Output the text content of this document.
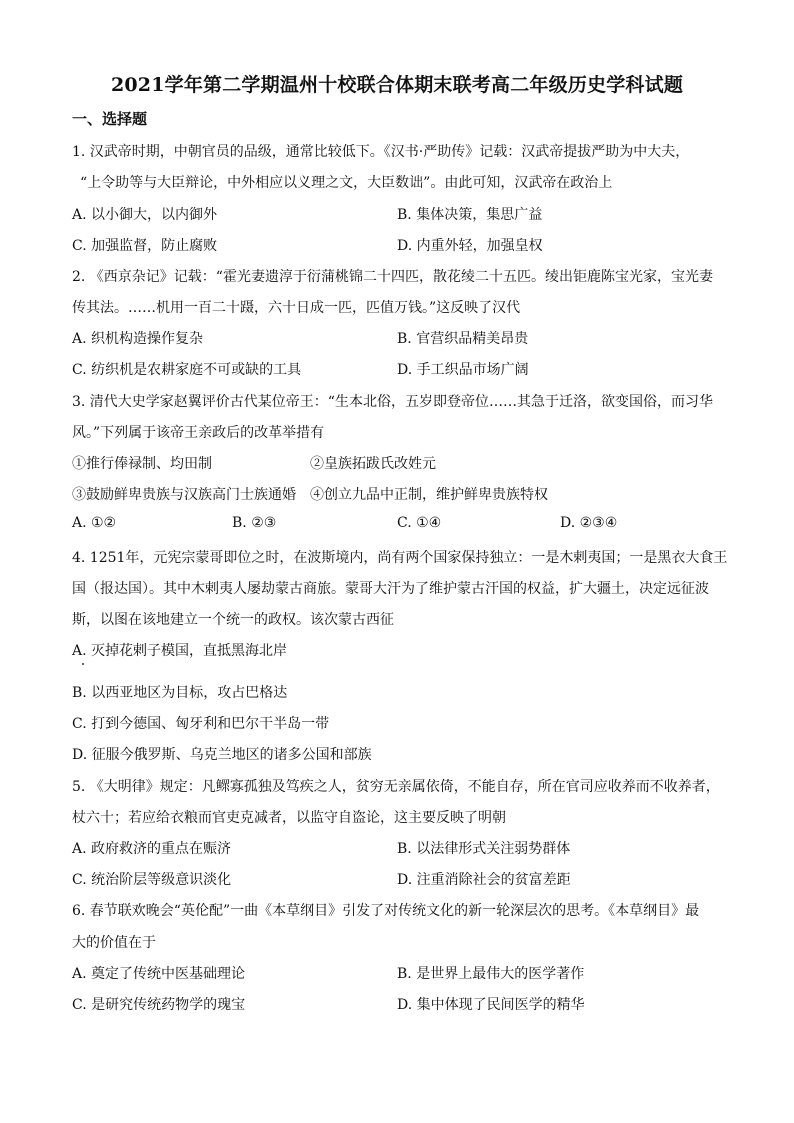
2021学年第二学期温州十校联合体期末联考高二年级历史学科试题
一、选择题
1. 汉武帝时期，中朝官员的品级，通常比较低下。《汉书·严助传》记载：汉武帝提拔严助为中大夫，
“上令助等与大臣辩论，中外相应以义理之文，大臣数诎”。由此可知，汉武帝在政治上
A. 以小御大，以内御外	B. 集体决策，集思广益
C. 加强监督，防止腐败	D. 内重外轻，加强皇权
2. 《西京杂记》记载：“霍光妻遗淳于衍蒲桃锦二十四匹，散花绫二十五匹。绫出钜鹿陈宝光家，宝光妻
传其法。……机用一百二十蹑，六十日成一匹，匹值万钱。”这反映了汉代
A. 织机构造操作复杂	B. 官营织品精美昂贵
C. 纺织机是农耕家庭不可或缺的工具	D. 手工织品市场广阔
3. 清代大史学家赵翼评价古代某位帝王：“生本北俗，五岁即登帝位……其急于迁洛，欲变国俗，而习华
风。”下列属于该帝王亲政后的改革举措有
①推行俸禄制、均田制	②皇族拓跋氏改姓元
③鼓励鲜卑贵族与汉族高门士族通婚 ④创立九品中正制，维护鲜卑贵族特权
A. ①②	B. ②③	C. ①④	D. ②③④
4. 1251年，元宪宗蒙哥即位之时，在波斯境内，尚有两个国家保持独立：一是木剌夷国；一是黑衣大食王
国（报达国）。其中木剌夷人屡劫蒙古商旅。蒙哥大汗为了维护蒙古汗国的权益，扩大疆土，决定远征波
斯，以图在该地建立一个统一的政权。该次蒙古西征
A. 灭掉花剌子模国，直抵黑海北岸
B. 以西亚地区为目标，攻占巴格达
C. 打到今德国、匈牙利和巴尔干半岛一带
D. 征服今俄罗斯、乌克兰地区的诸多公国和部族
5. 《大明律》规定：凡鳏寡孤独及笃疾之人，贫穷无亲属依倚，不能自存，所在官司应收养而不收养者，
杖六十；若应给衣粮而官吏克减者，以监守自盗论，这主要反映了明朝
A. 政府救济的重点在赈济	B. 以法律形式关注弱势群体
C. 统治阶层等级意识淡化	D. 注重消除社会的贫富差距
6. 春节联欢晚会“英伦配”一曲《本草纲目》引发了对传统文化的新一轮深层次的思考。《本草纲目》最
大的价值在于
A. 奠定了传统中医基础理论	B. 是世界上最伟大的医学著作
C. 是研究传统药物学的瑰宝	D. 集中体现了民间医学的精华
